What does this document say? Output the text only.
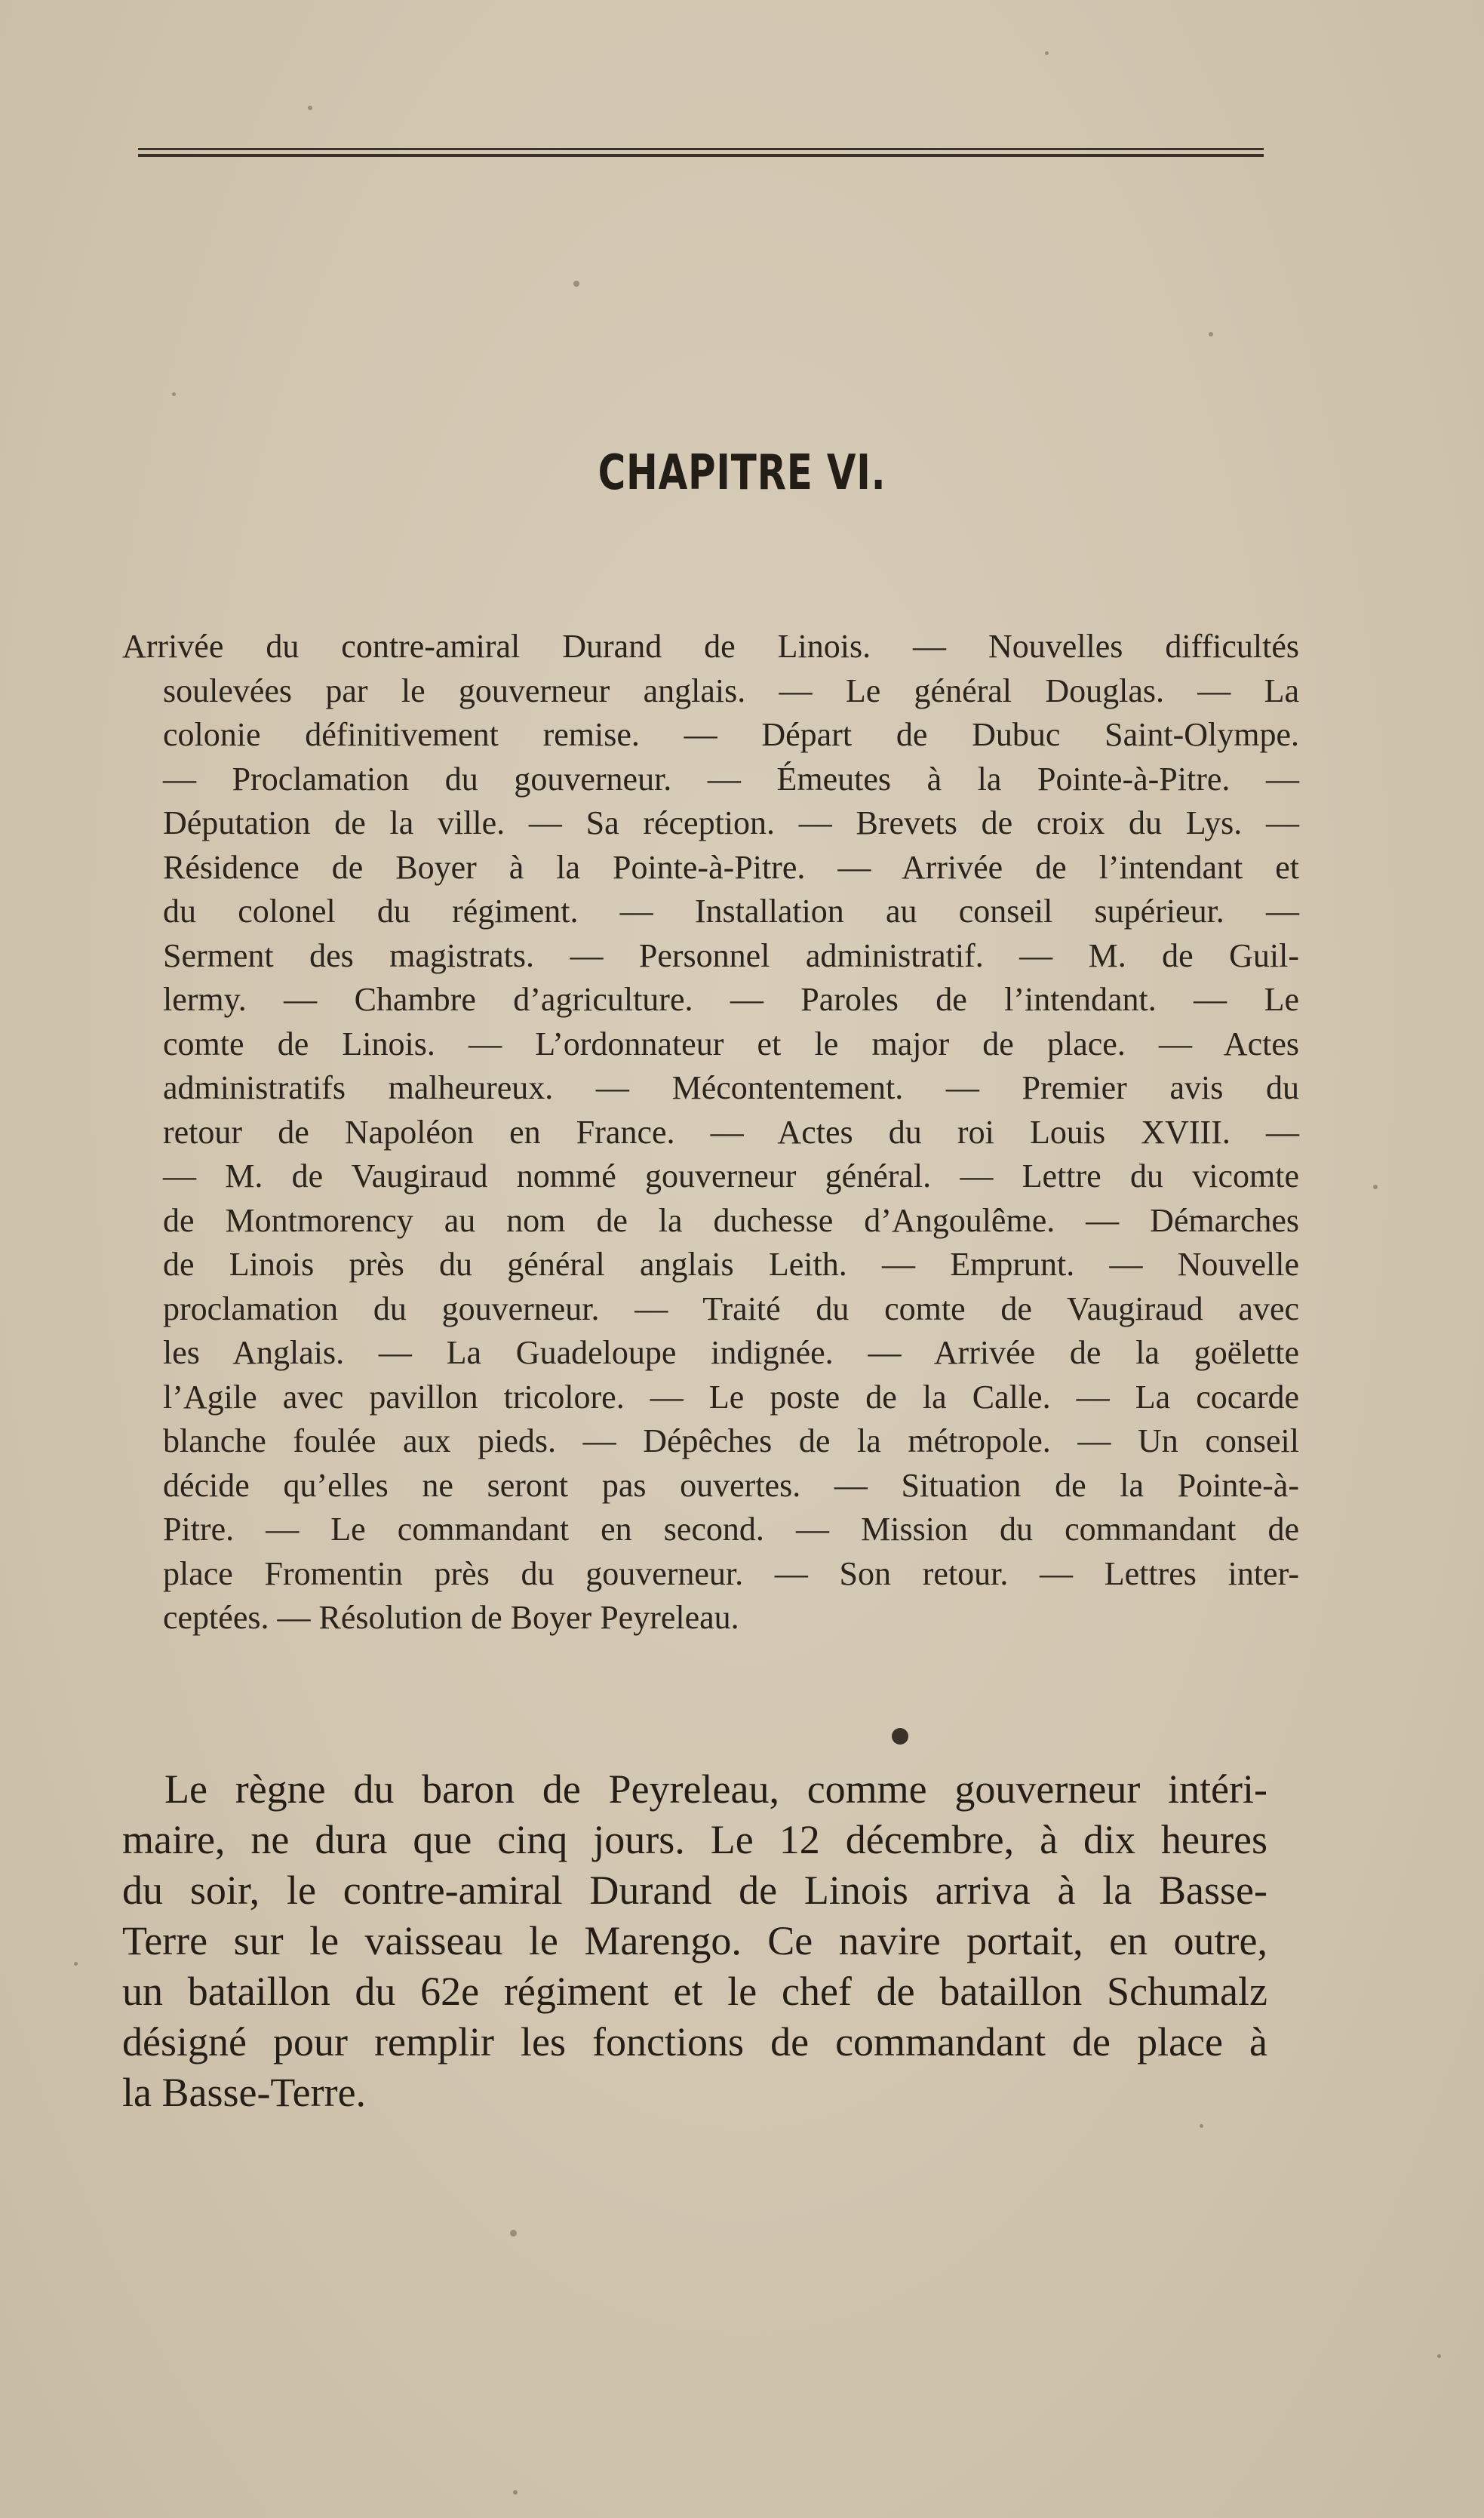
CHAPITRE VI.
Arrivée du contre-amiral Durand de Linois. — Nouvelles difficultés
soulevées par le gouverneur anglais. — Le général Douglas. — La
colonie définitivement remise. — Départ de Dubuc Saint-Olympe.
— Proclamation du gouverneur. — Émeutes à la Pointe-à-Pitre. —
Députation de la ville. — Sa réception. — Brevets de croix du Lys. —
Résidence de Boyer à la Pointe-à-Pitre. — Arrivée de l’intendant et
du colonel du régiment. — Installation au conseil supérieur. —
Serment des magistrats. — Personnel administratif. — M. de Guil-
lermy. — Chambre d’agriculture. — Paroles de l’intendant. — Le
comte de Linois. — L’ordonnateur et le major de place. — Actes
administratifs malheureux. — Mécontentement. — Premier avis du
retour de Napoléon en France. — Actes du roi Louis XVIII. —
— M. de Vaugiraud nommé gouverneur général. — Lettre du vicomte
de Montmorency au nom de la duchesse d’Angoulême. — Démarches
de Linois près du général anglais Leith. — Emprunt. — Nouvelle
proclamation du gouverneur. — Traité du comte de Vaugiraud avec
les Anglais. — La Guadeloupe indignée. — Arrivée de la goëlette
l’Agile avec pavillon tricolore. — Le poste de la Calle. — La cocarde
blanche foulée aux pieds. — Dépêches de la métropole. — Un conseil
décide qu’elles ne seront pas ouvertes. — Situation de la Pointe-à-
Pitre. — Le commandant en second. — Mission du commandant de
place Fromentin près du gouverneur. — Son retour. — Lettres inter-
ceptées. — Résolution de Boyer Peyreleau.
Le règne du baron de Peyreleau, comme gouverneur intéri-
maire, ne dura que cinq jours. Le 12 décembre, à dix heures
du soir, le contre-amiral Durand de Linois arriva à la Basse-
Terre sur le vaisseau le Marengo. Ce navire portait, en outre,
un bataillon du 62e régiment et le chef de bataillon Schumalz
désigné pour remplir les fonctions de commandant de place à
la Basse-Terre.
